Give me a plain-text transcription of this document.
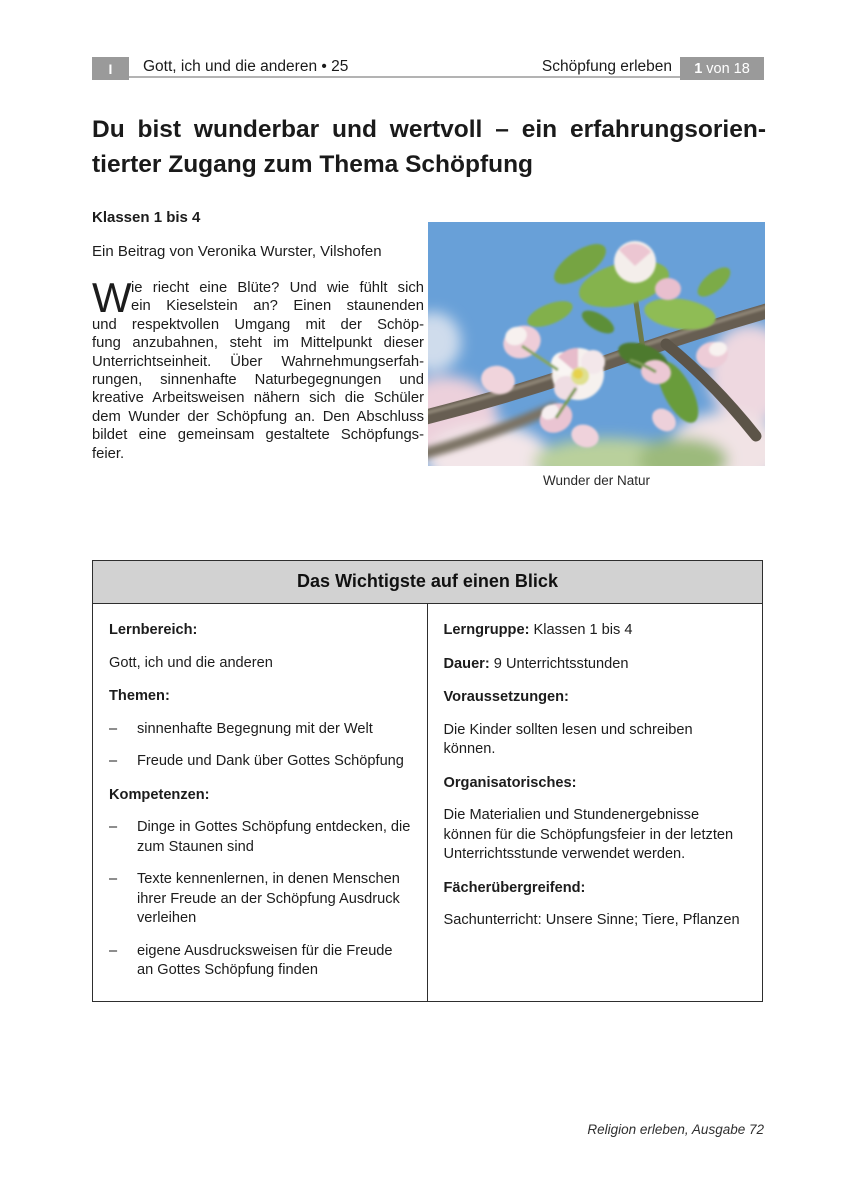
I	Gott, ich und die anderen • 25	Schöpfung erleben 1 von 18
Du bist wunderbar und wertvoll – ein erfahrungsorien-
tierter Zugang zum Thema Schöpfung

Klassen 1 bis 4

Ein Beitrag von Veronika Wurster, Vilshofen

W ie riecht eine Blüte? Und wie fühlt sich
ein Kieselstein an? Einen staunenden
und respektvollen Umgang mit der Schöp-
fung anzubahnen, steht im Mittelpunkt dieser
Unterrichtseinheit. Über Wahrnehmungserfah-
rungen, sinnenhafte Naturbegegnungen und
kreative Arbeitsweisen nähern sich die Schüler
dem Wunder der Schöpfung an. Den Abschluss
bildet eine gemeinsam gestaltete Schöpfungs-
feier.
Wunder der Natur
Das Wichtigste auf einen Blick
Lernbereich:
Gott, ich und die anderen
Themen:
–	sinnenhafte Begegnung mit der Welt
–	Freude und Dank über Gottes Schöpfung
Kompetenzen:
–	Dinge in Gottes Schöpfung entdecken, die zum Staunen sind
–	Texte kennenlernen, in denen Menschen ihrer Freude an der Schöpfung Ausdruck verleihen
–	eigene Ausdrucksweisen für die Freude an Gottes Schöpfung finden
Lerngruppe: Klassen 1 bis 4
Dauer: 9 Unterrichtsstunden
Voraussetzungen:
Die Kinder sollten lesen und schreiben können.
Organisatorisches:
Die Materialien und Stundenergebnisse können für die Schöpfungsfeier in der letzten Unterrichtsstunde verwendet werden.
Fächerübergreifend:
Sachunterricht: Unsere Sinne; Tiere, Pflanzen
Religion erleben, Ausgabe 72
